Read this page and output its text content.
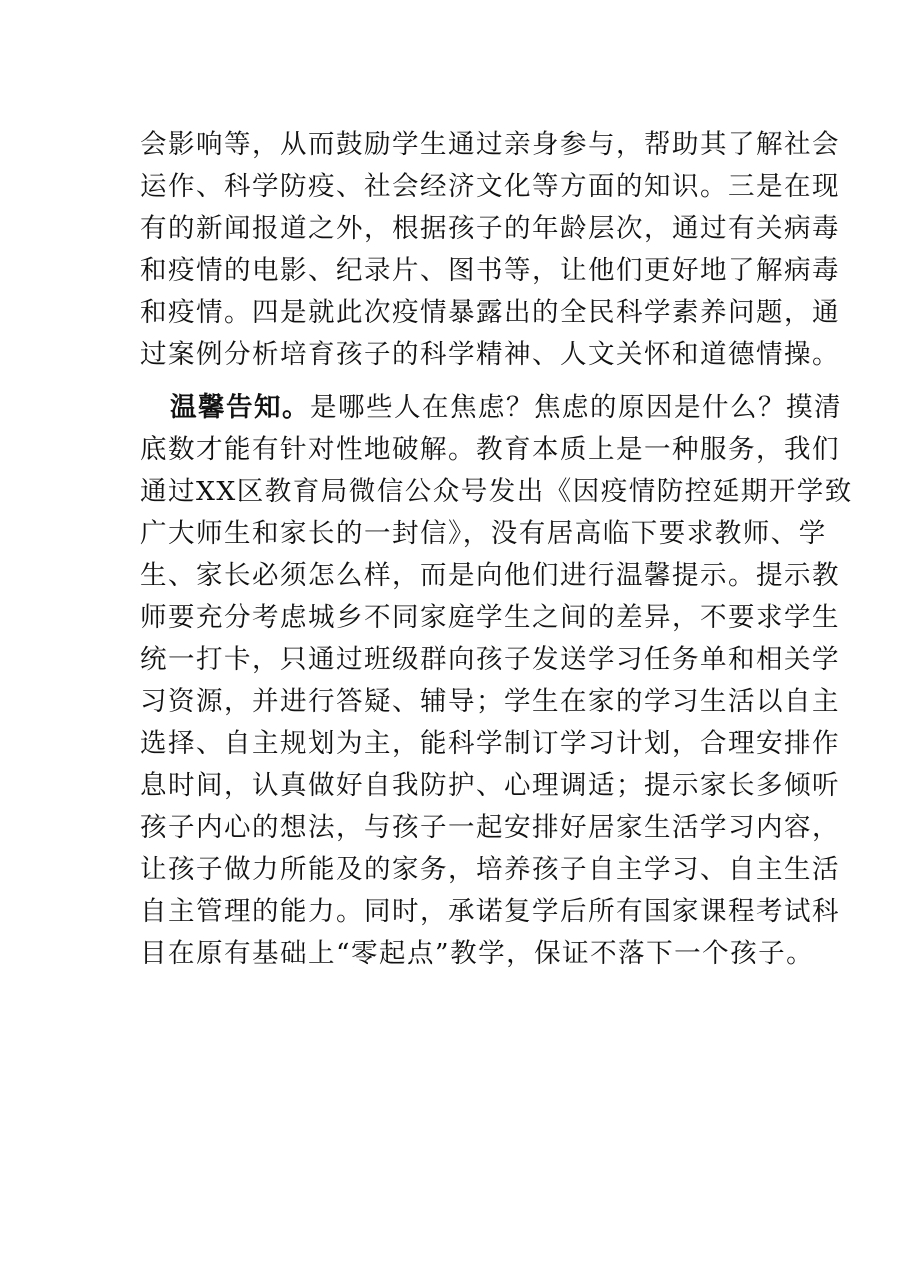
会影响等，从而鼓励学生通过亲身参与，帮助其了解社会
运作、科学防疫、社会经济文化等方面的知识。三是在现
有的新闻报道之外，根据孩子的年龄层次，通过有关病毒
和疫情的电影、纪录片、图书等，让他们更好地了解病毒
和疫情。四是就此次疫情暴露出的全民科学素养问题，通
过案例分析培育孩子的科学精神、人文关怀和道德情操。
温馨告知。是哪些人在焦虑？焦虑的原因是什么？摸清
底数才能有针对性地破解。教育本质上是一种服务，我们
通过XX区教育局微信公众号发出《因疫情防控延期开学致
广大师生和家长的一封信》，没有居高临下要求教师、学
生、家长必须怎么样，而是向他们进行温馨提示。提示教
师要充分考虑城乡不同家庭学生之间的差异，不要求学生
统一打卡，只通过班级群向孩子发送学习任务单和相关学
习资源，并进行答疑、辅导；学生在家的学习生活以自主
选择、自主规划为主，能科学制订学习计划，合理安排作
息时间，认真做好自我防护、心理调适；提示家长多倾听
孩子内心的想法，与孩子一起安排好居家生活学习内容，
让孩子做力所能及的家务，培养孩子自主学习、自主生活
自主管理的能力。同时，承诺复学后所有国家课程考试科
目在原有基础上“零起点”教学，保证不落下一个孩子。
